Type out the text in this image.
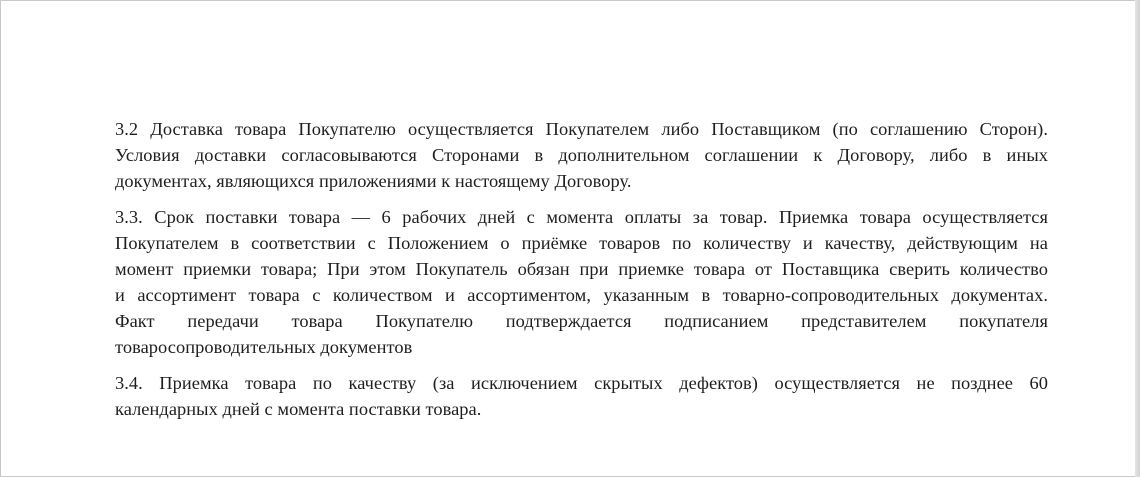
3.2 Доставка товара Покупателю осуществляется Покупателем либо Поставщиком (по соглашению Сторон).
Условия доставки согласовываются Сторонами в дополнительном соглашении к Договору, либо в иных
документах, являющихся приложениями к настоящему Договору.

3.3. Срок поставки товара — 6 рабочих дней с момента оплаты за товар. Приемка товара осуществляется
Покупателем в соответствии с Положением о приёмке товаров по количеству и качеству, действующим на
момент приемки товара; При этом Покупатель обязан при приемке товара от Поставщика сверить количество
и ассортимент товара с количеством и ассортиментом, указанным в товарно-сопроводительных документах.
Факт передачи товара Покупателю подтверждается подписанием представителем покупателя
товаросопроводительных документов

3.4. Приемка товара по качеству (за исключением скрытых дефектов) осуществляется не позднее 60
календарных дней с момента поставки товара.
